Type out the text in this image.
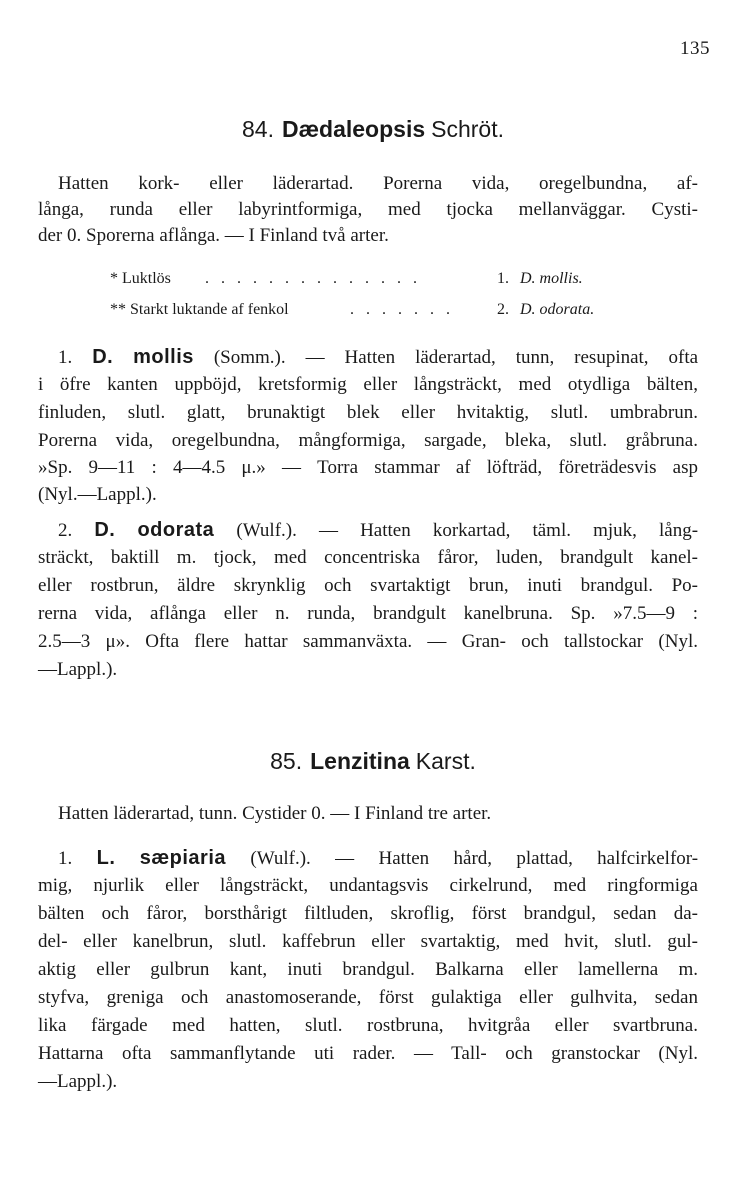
135
84. Dædaleopsis Schröt.
Hatten kork- eller läderartad. Porerna vida, oregelbundna, af-
långa, runda eller labyrintformiga, med tjocka mellanväggar. Cysti-
der 0. Sporerna aflånga. — I Finland två arter.
* Luktlös . . . . . . . . . . . . . .	1. D. mollis.
** Starkt luktande af fenkol	. . . . . . .	2. D. odorata.
1. D. mollis (Somm.). — Hatten läderartad, tunn, resupinat, ofta
i öfre kanten uppböjd, kretsformig eller långsträckt, med otydliga bälten,
finluden, slutl. glatt, brunaktigt blek eller hvitaktig, slutl. umbrabrun.
Porerna vida, oregelbundna, mångformiga, sargade, bleka, slutl. gråbruna.
»Sp. 9—11 : 4—4.5 μ.» — Torra stammar af löfträd, företrädesvis asp
(Nyl.—Lappl.).
2. D. odorata (Wulf.). — Hatten korkartad, täml. mjuk, lång-
sträckt, baktill m. tjock, med concentriska fåror, luden, brandgult kanel-
eller rostbrun, äldre skrynklig och svartaktigt brun, inuti brandgul. Po-
rerna vida, aflånga eller n. runda, brandgult kanelbruna. Sp. »7.5—9 :
2.5—3 μ». Ofta flere hattar sammanväxta. — Gran- och tallstockar (Nyl.
—Lappl.).
85. Lenzitina Karst.
Hatten läderartad, tunn. Cystider 0. — I Finland tre arter.
1. L. sæpiaria (Wulf.). — Hatten hård, plattad, halfcirkelfor-
mig, njurlik eller långsträckt, undantagsvis cirkelrund, med ringformiga
bälten och fåror, borsthårigt filtluden, skroflig, först brandgul, sedan da-
del- eller kanelbrun, slutl. kaffebrun eller svartaktig, med hvit, slutl. gul-
aktig eller gulbrun kant, inuti brandgul. Balkarna eller lamellerna m.
styfva, greniga och anastomoserande, först gulaktiga eller gulhvita, sedan
lika färgade med hatten, slutl. rostbruna, hvitgråa eller svartbruna.
Hattarna ofta sammanflytande uti rader. — Tall- och granstockar (Nyl.
—Lappl.).
